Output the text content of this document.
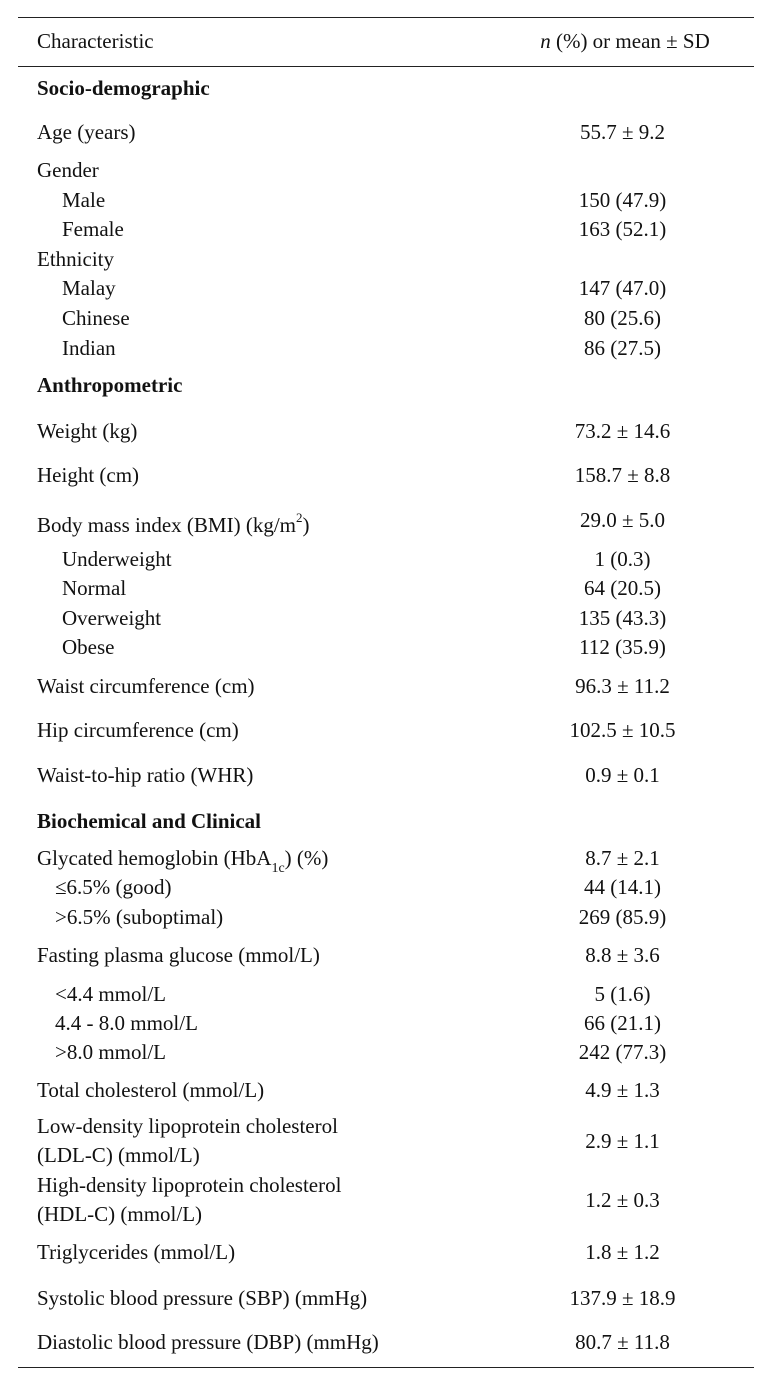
Characteristic	n (%) or mean ± SD
Socio-demographic
Age (years)	55.7 ± 9.2
Gender
Male	150 (47.9)
Female	163 (52.1)
Ethnicity
Malay	147 (47.0)
Chinese	80 (25.6)
Indian	86 (27.5)
Anthropometric
Weight (kg)	73.2 ± 14.6
Height (cm)	158.7 ± 8.8
Body mass index (BMI) $(kg/m^2)$	29.0 ± 5.0
Underweight	1 (0.3)
Normal	64 (20.5)
Overweight	135 (43.3)
Obese	112 (35.9)
Waist circumference (cm)	96.3 ± 11.2
Hip circumference (cm)	102.5 ± 10.5
Waist-to-hip ratio (WHR)	0.9 ± 0.1
Biochemical and Clinical
Glycated hemoglobin (HbA$_{1c}$) (%)	8.7 ± 2.1
≤6.5% (good)	44 (14.1)
>6.5% (suboptimal)	269 (85.9)
Fasting plasma glucose (mmol/L)	8.8 ± 3.6
<4.4 mmol/L	5 (1.6)
4.4 - 8.0 mmol/L	66 (21.1)
>8.0 mmol/L	242 (77.3)
Total cholesterol (mmol/L)	4.9 ± 1.3
Low-density lipoprotein cholesterol
(LDL-C) (mmol/L)
2.9 ± 1.1
High-density lipoprotein cholesterol
(HDL-C) (mmol/L)
1.2 ± 0.3
Triglycerides (mmol/L)	1.8 ± 1.2
Systolic blood pressure (SBP) (mmHg)	137.9 ± 18.9
Diastolic blood pressure (DBP) (mmHg)	80.7 ± 11.8
